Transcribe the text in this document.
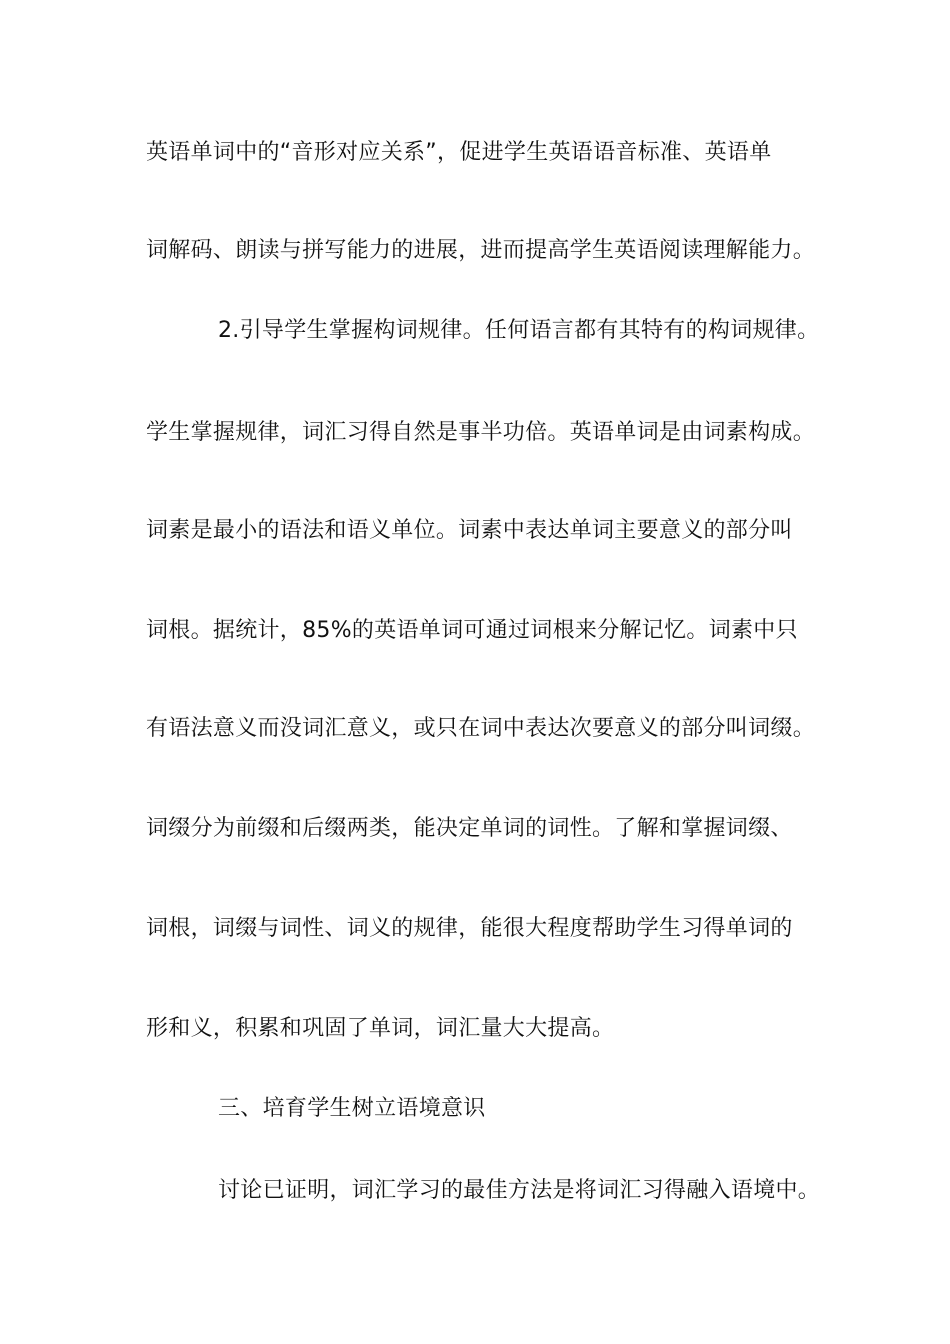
英语单词中的“音形对应关系”，促进学生英语语音标准、英语单
词解码、朗读与拼写能力的进展，进而提高学生英语阅读理解能力。
2.引导学生掌握构词规律。任何语言都有其特有的构词规律。
学生掌握规律，词汇习得自然是事半功倍。英语单词是由词素构成。
词素是最小的语法和语义单位。词素中表达单词主要意义的部分叫
词根。据统计，85%的英语单词可通过词根来分解记忆。词素中只
有语法意义而没词汇意义，或只在词中表达次要意义的部分叫词缀。
词缀分为前缀和后缀两类，能决定单词的词性。了解和掌握词缀、
词根，词缀与词性、词义的规律，能很大程度帮助学生习得单词的
形和义，积累和巩固了单词，词汇量大大提高。
三、培育学生树立语境意识
讨论已证明，词汇学习的最佳方法是将词汇习得融入语境中。
